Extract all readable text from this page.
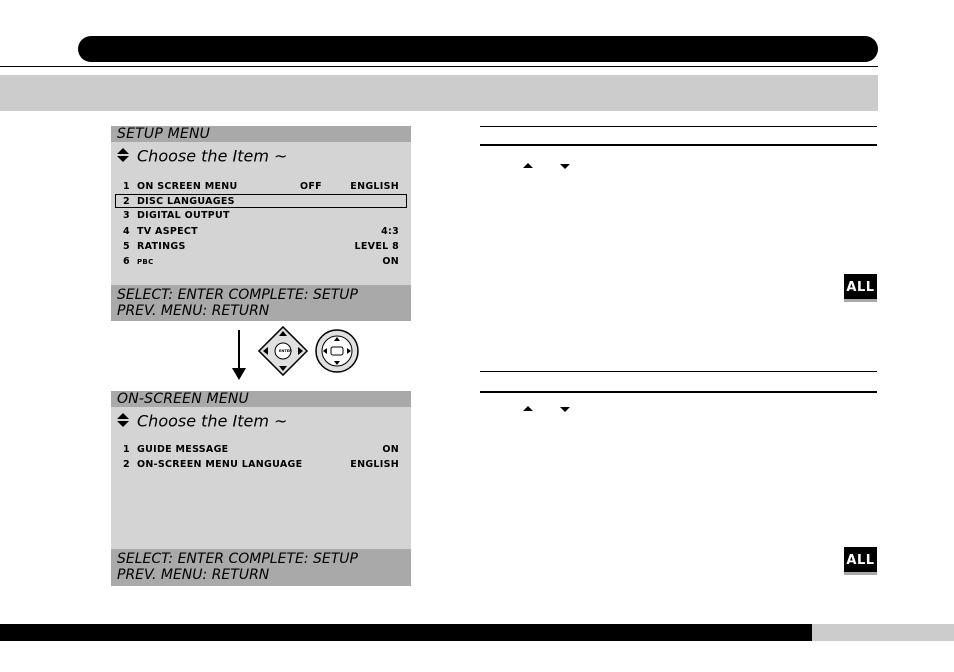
SETUP MENU
Choose the Item ~
1 ON SCREEN MENU	OFF	ENGLISH
2 DISC LANGUAGES
3 DIGITAL OUTPUT
4 TV ASPECT	4:3
5 RATINGS	LEVEL 8
6 PBC	ON
SELECT: ENTER COMPLETE: SETUP
PREV. MENU: RETURN
ENTER
ON-SCREEN MENU
Choose the Item ~
1 GUIDE MESSAGE	ON
2 ON-SCREEN MENU LANGUAGE	ENGLISH
SELECT: ENTER COMPLETE: SETUP
PREV. MENU: RETURN
ALL
ALL
